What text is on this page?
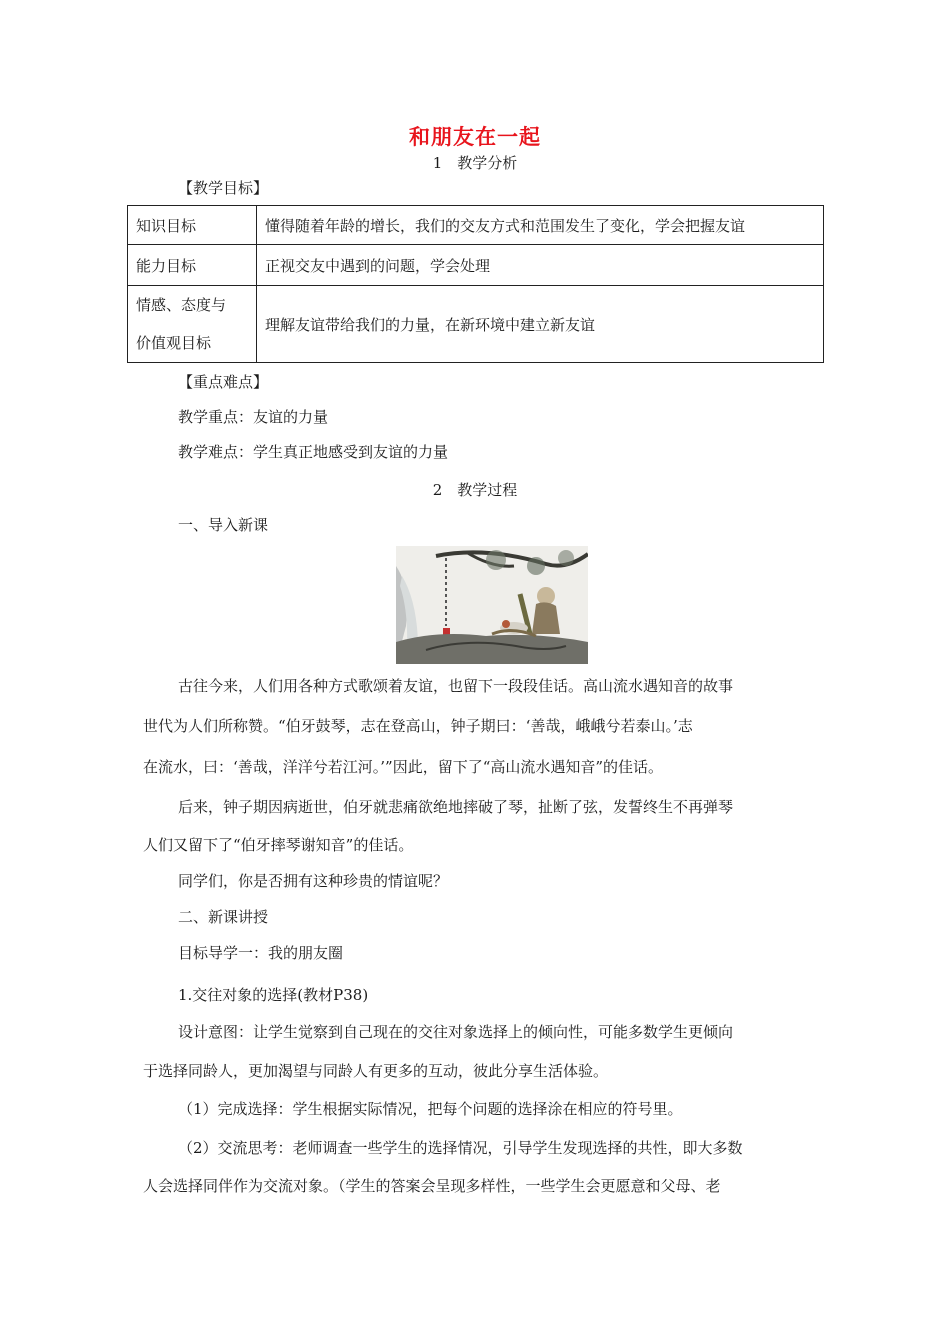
和朋友在一起
1　教学分析
【教学目标】
知识目标	懂得随着年龄的增长，我们的交友方式和范围发生了变化，学会把握友谊
能力目标	正视交友中遇到的问题，学会处理

情感、态度与
价值观目标	理解友谊带给我们的力量，在新环境中建立新友谊
【重点难点】
教学重点：友谊的力量
教学难点：学生真正地感受到友谊的力量
2　教学过程
一、导入新课
古往今来，人们用各种方式歌颂着友谊，也留下一段段佳话。高山流水遇知音的故事
世代为人们所称赞。“伯牙鼓琴，志在登高山，钟子期曰：‘善哉，峨峨兮若泰山。’志
在流水，曰：‘善哉，洋洋兮若江河。’”因此，留下了“高山流水遇知音”的佳话。
后来，钟子期因病逝世，伯牙就悲痛欲绝地摔破了琴，扯断了弦，发誓终生不再弹琴
人们又留下了“伯牙摔琴谢知音”的佳话。
同学们，你是否拥有这种珍贵的情谊呢？
二、新课讲授
目标导学一：我的朋友圈
1.交往对象的选择(教材P38)
设计意图：让学生觉察到自己现在的交往对象选择上的倾向性，可能多数学生更倾向
于选择同龄人，更加渴望与同龄人有更多的互动，彼此分享生活体验。
（1）完成选择：学生根据实际情况，把每个问题的选择涂在相应的符号里。
（2）交流思考：老师调查一些学生的选择情况，引导学生发现选择的共性，即大多数
人会选择同伴作为交流对象。（学生的答案会呈现多样性，一些学生会更愿意和父母、老
